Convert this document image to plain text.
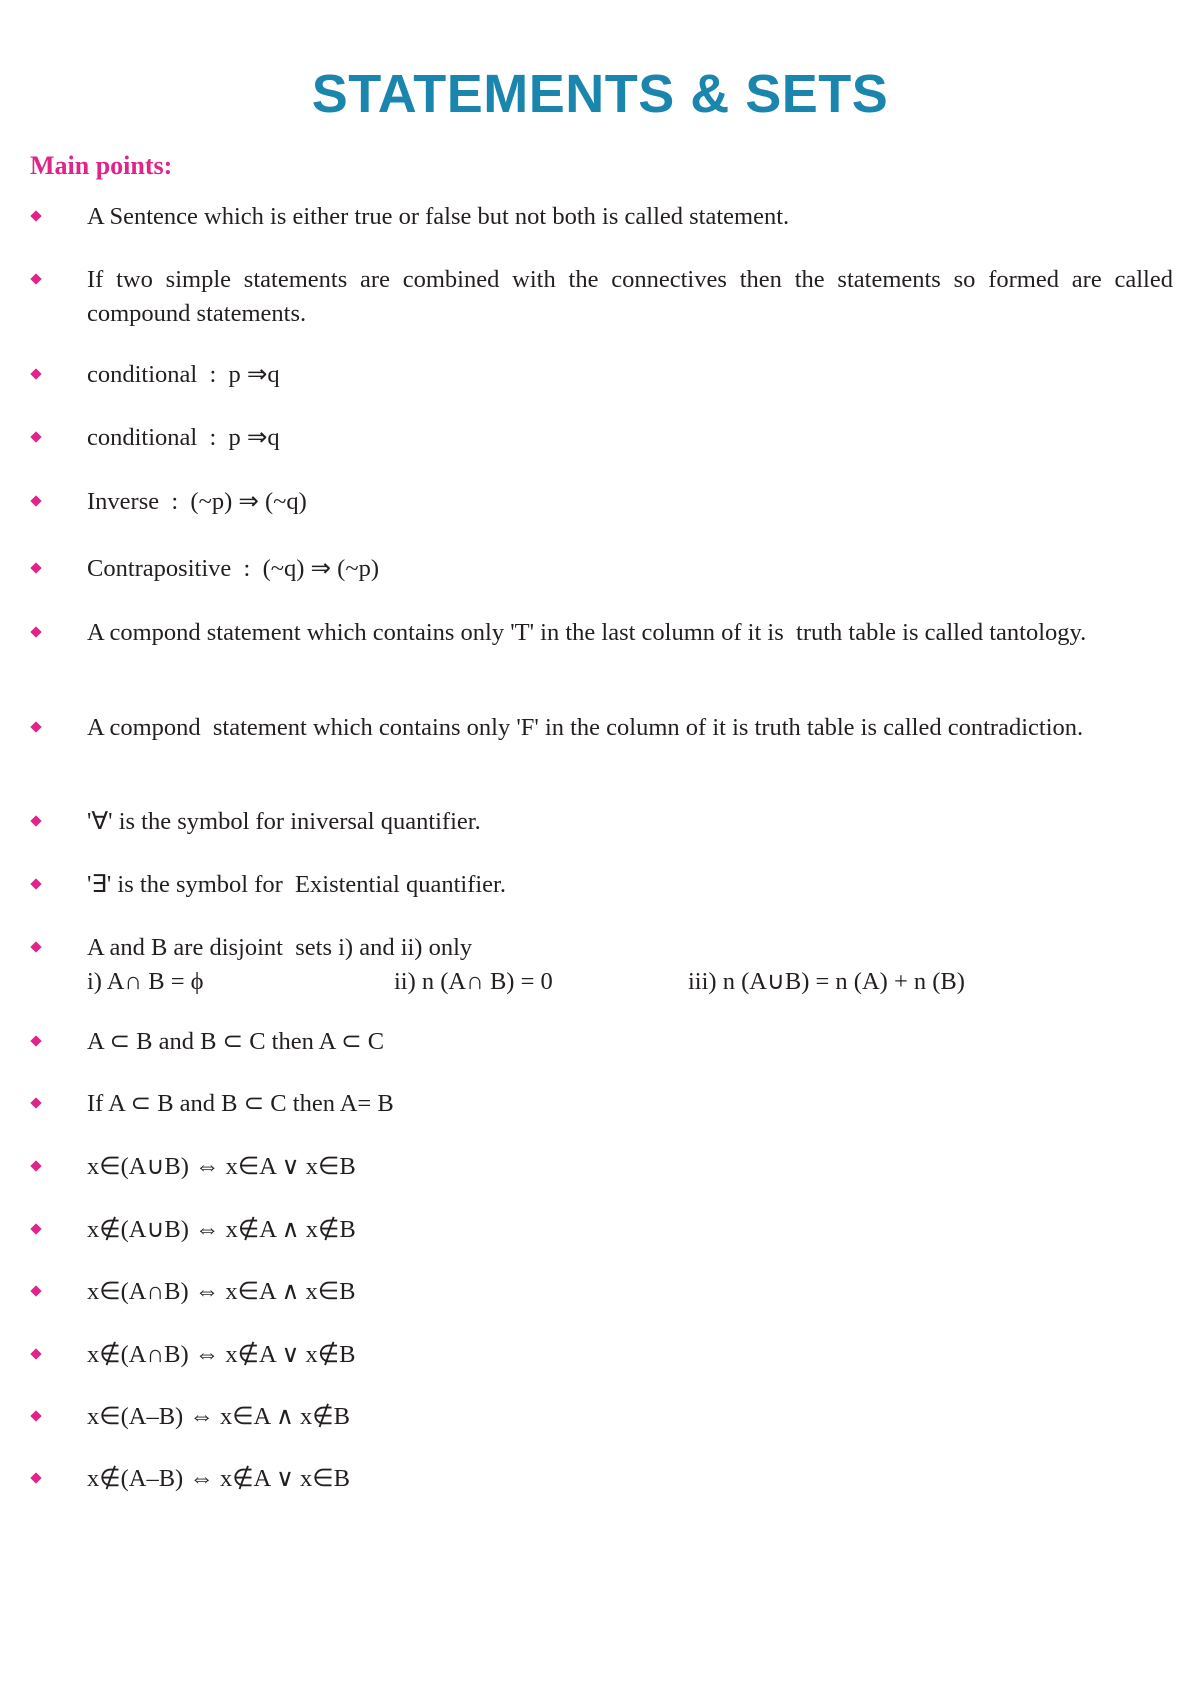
STATEMENTS & SETS
Main points:

A Sentence which is either true or false but not both is called statement.

If two simple statements are combined with the connectives then the statements so formed are called compound statements.

conditional  :  p ⇒q

conditional  :  p ⇒q

Inverse  :  (~p) ⇒ (~q)

Contrapositive  :  (~q) ⇒ (~p)

A compond statement which contains only 'T' in the last column of it is  truth table is called tantology.

A compond  statement which contains only 'F' in the column of it is truth table is called contradiction.

'∀' is the symbol for iniversal quantifier.

'∃' is the symbol for  Existential quantifier.

A and B are disjoint  sets i) and ii) only

i) A∩ B = ϕ	ii) n (A∩ B) = 0	iii) n (A∪B) = n (A) + n (B)

A ⊂ B and B ⊂ C then A ⊂ C

If A ⊂ B and B ⊂ C then A= B

x∈(A∪B) ⇔ x∈A ∨ x∈B

x∉(A∪B) ⇔ x∉A ∧ x∉B

x∈(A∩B) ⇔ x∈A ∧ x∈B

x∉(A∩B) ⇔ x∉A ∨ x∉B

x∈(A–B) ⇔ x∈A ∧ x∉B

x∉(A–B) ⇔ x∉A ∨ x∈B
